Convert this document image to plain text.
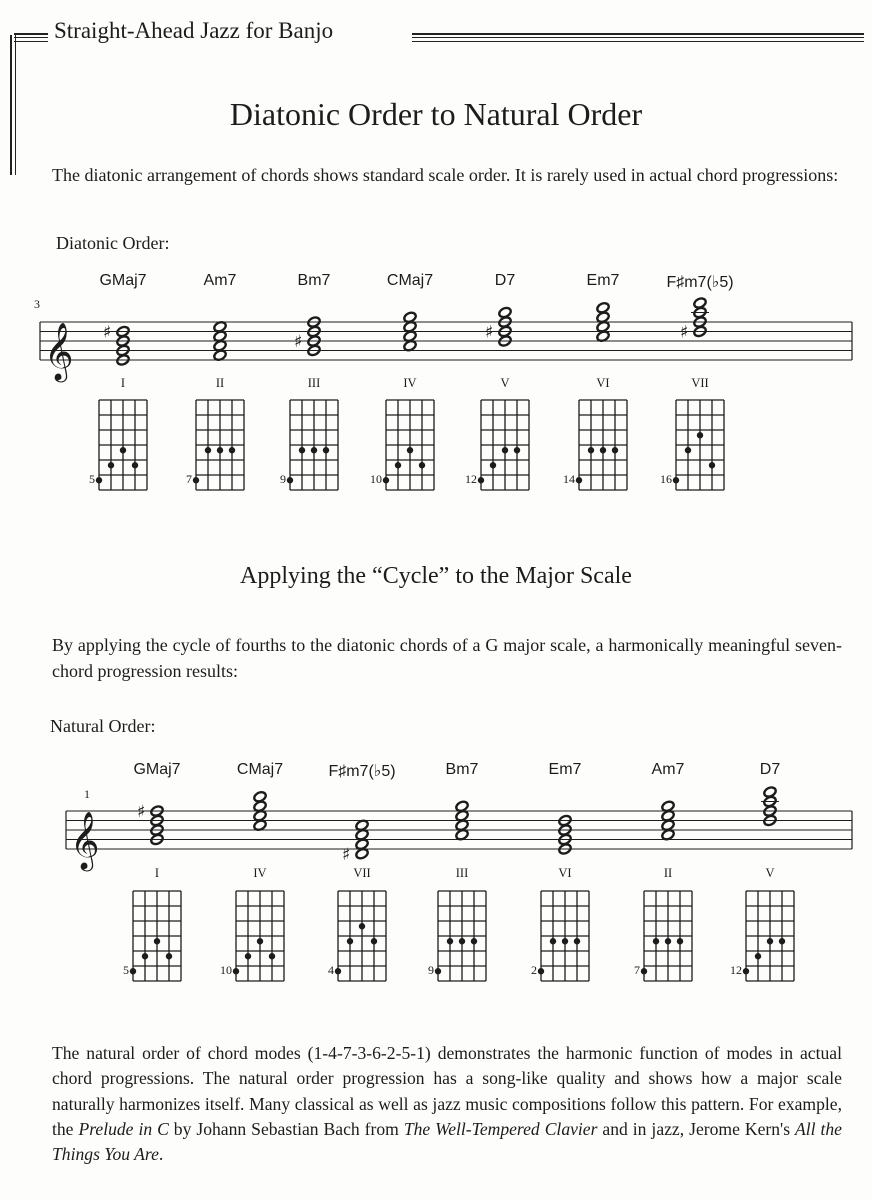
Straight-Ahead Jazz for Banjo
Diatonic Order to Natural Order
The diatonic arrangement of chords shows standard scale order. It is rarely used in actual chord progressions:
Diatonic Order:
Applying the “Cycle” to the Major Scale
By applying the cycle of fourths to the diatonic chords of a G major scale, a harmonically meaningful seven-chord progression results:
Natural Order:
The natural order of chord modes (1-4-7-3-6-2-5-1) demonstrates the harmonic function of modes in actual chord progressions. The natural order progression has a song-like quality and shows how a major scale naturally harmonizes itself. Many classical as well as jazz music compositions follow this pattern. For example, the Prelude in C by Johann Sebastian Bach from The Well-Tempered Clavier and in jazz, Jerome Kern's All the Things You Are.
𝄞 ♯	♯	♯	♯
3
GMaj7
I
5
Am7
II
7
Bm7
III
9
CMaj7
IV
10
D7
V
12
Em7
VI
14
F♯m7(♭5)
VII
16
𝄞 ♯
♯
1
GMaj7
I
5
CMaj7
IV
10
F♯m7(♭5)
VII
4
Bm7
III
9
Em7
VI
2
Am7
II
7
D7
V
12
